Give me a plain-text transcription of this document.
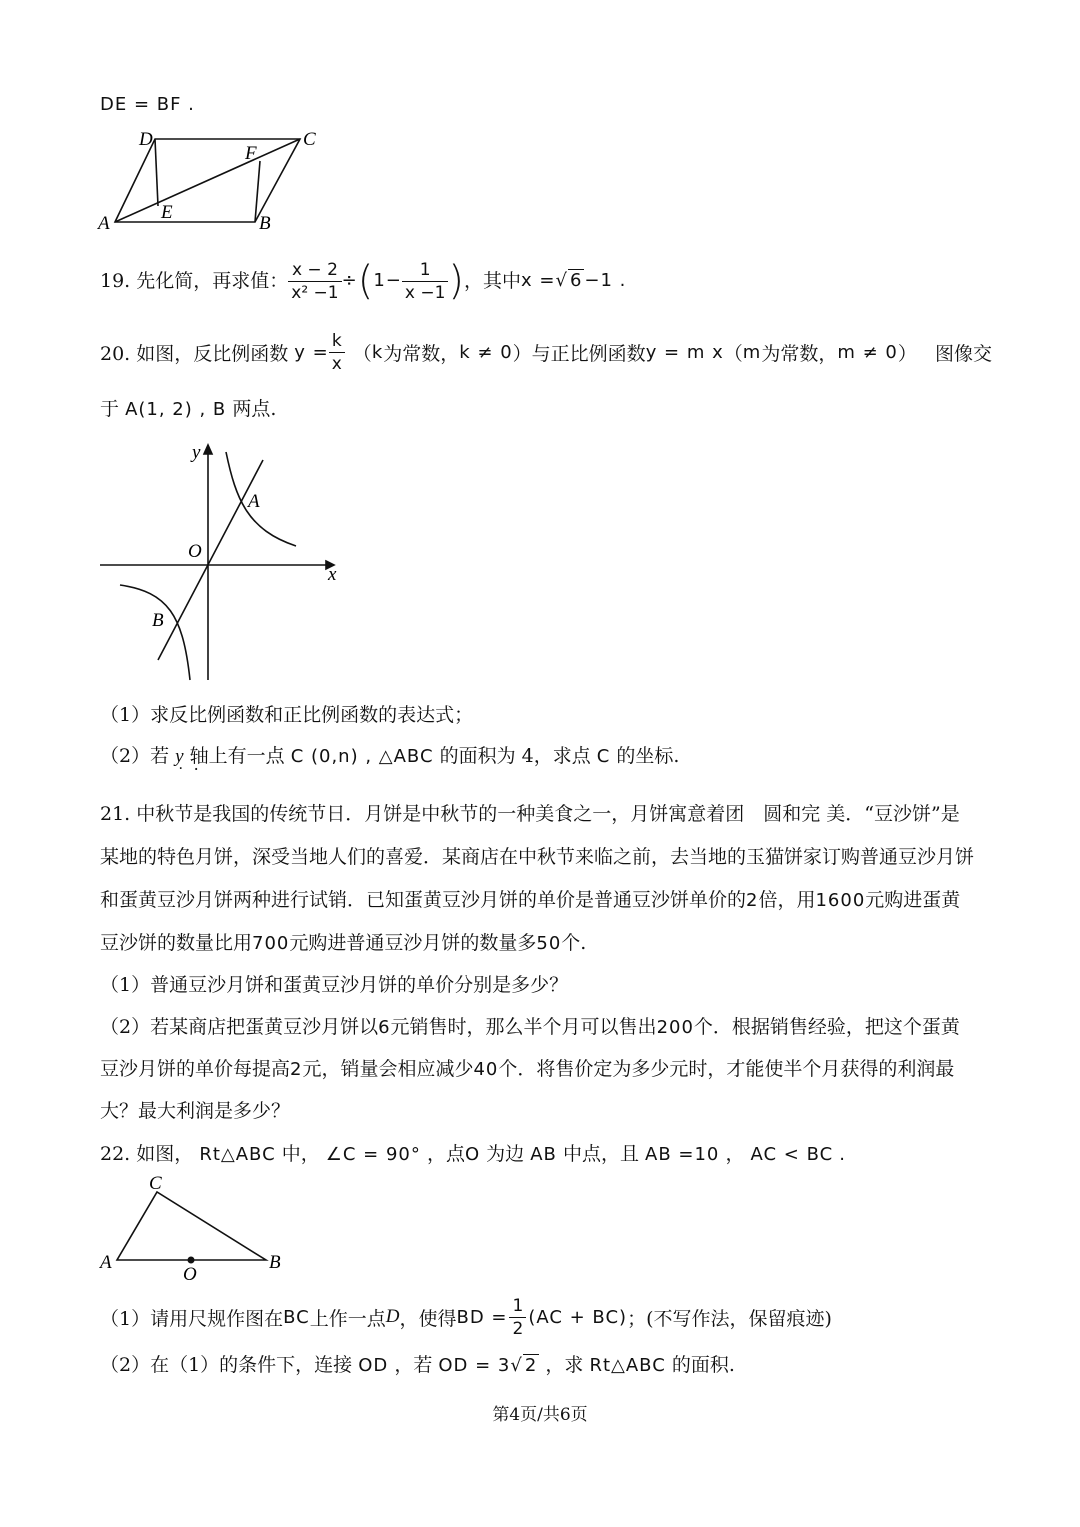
DE = BF .
A	B
C
D
E
F
19. 先化简，再求值： $\frac{x - 2}{\text{x² −1}}$ ÷ ( $1- \frac{1}{x -1}$ ) ，其中 x = √ 6 −1 .
20. 如图，反比例函数 $y = \frac{k}{x}$ （ k 为常数， k ≠ 0 ）与正比例函数 y = m x （ m 为常数， m ≠ 0 ）   图像交
于 A(1, 2) , B 两点.
x
y
O
A
B
（1）求反比例函数和正比例函数的表达式；
（2）若 y . 轴上有一点 . C (0,n) , △ABC 的面积为 4，求点 C 的坐标.
21. 中秋节是我国的传统节日．月饼是中秋节的一种美食之一，月饼寓意着团　圆和完 美．“豆沙饼”是
某地的特色月饼，深受当地人们的喜爱．某商店在中秋节来临之前，去当地的玉猫饼家订购普通豆沙月饼
和蛋黄豆沙月饼两种进行试销．已知蛋黄豆沙月饼的单价是普通豆沙饼单价的2倍，用1600元购进蛋黄
豆沙饼的数量比用700元购进普通豆沙月饼的数量多50个.
（1）普通豆沙月饼和蛋黄豆沙月饼的单价分别是多少？
（2）若某商店把蛋黄豆沙月饼以6元销售时，那么半个月可以售出200个．根据销售经验，把这个蛋黄
豆沙月饼的单价每提高2元，销量会相应减少40个．将售价定为多少元时，才能使半个月获得的利润最
大？最大利润是多少？
22. 如图， Rt△ABC 中， ∠C = 90° ，点O 为边 AB 中点，且 AB =10 ， AC < BC .
A	B
C
O
（1）请用尺规作图在 BC 上作一点 D ，使得 BD = $\frac{1}{2} (AC + BC)$ ；(不写作法，保留痕迹)
（2）在（1）的条件下，连接 OD ，若 OD = 3√ 2 ，求 Rt△ABC 的面积.
第4页/共6页
